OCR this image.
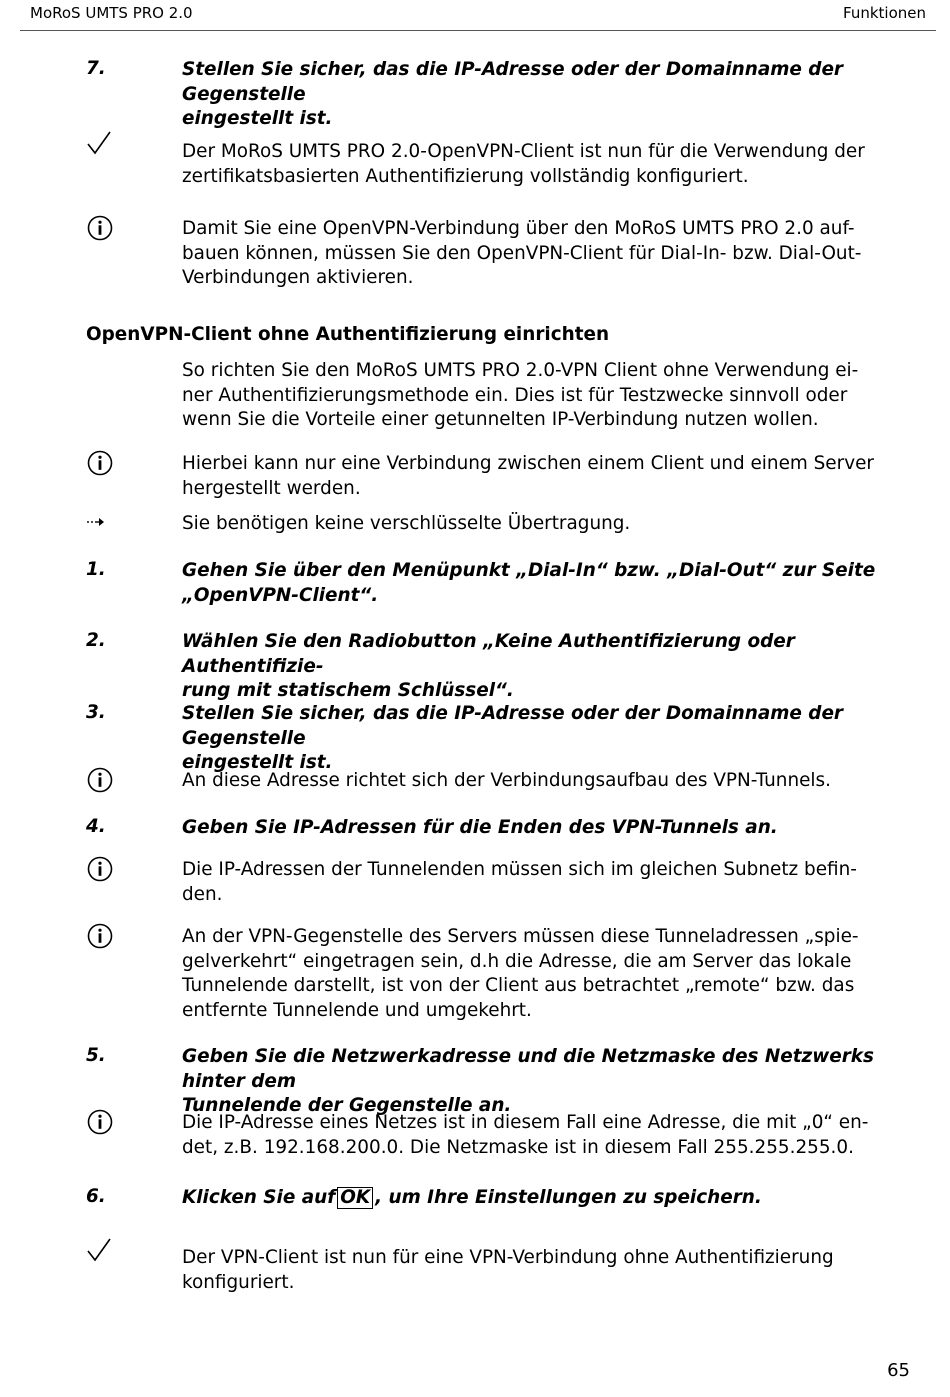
MoRoS UMTS PRO 2.0	Funktionen
7.	Stellen Sie sicher, das die IP-Adresse oder der Domainname der Gegenstelle
eingestellt ist.
Der MoRoS UMTS PRO 2.0-OpenVPN-Client ist nun für die Verwendung der
zertifikatsbasierten Authentifizierung vollständig konfiguriert.
Damit Sie eine OpenVPN-Verbindung über den MoRoS UMTS PRO 2.0 auf-
bauen können, müssen Sie den OpenVPN-Client für Dial-In- bzw. Dial-Out-
Verbindungen aktivieren.
OpenVPN-Client ohne Authentifizierung einrichten
So richten Sie den MoRoS UMTS PRO 2.0-VPN Client ohne Verwendung ei-
ner Authentifizierungsmethode ein. Dies ist für Testzwecke sinnvoll oder
wenn Sie die Vorteile einer getunnelten IP-Verbindung nutzen wollen.
Hierbei kann nur eine Verbindung zwischen einem Client und einem Server
hergestellt werden.
Sie benötigen keine verschlüsselte Übertragung.
1.	Gehen Sie über den Menüpunkt „Dial-In“ bzw. „Dial-Out“ zur Seite
„OpenVPN-Client“.
2.	Wählen Sie den Radiobutton „Keine Authentifizierung oder Authentifizie-
rung mit statischem Schlüssel“.
3.	Stellen Sie sicher, das die IP-Adresse oder der Domainname der Gegenstelle
eingestellt ist.
An diese Adresse richtet sich der Verbindungsaufbau des VPN-Tunnels.
4.	Geben Sie IP-Adressen für die Enden des VPN-Tunnels an.
Die IP-Adressen der Tunnelenden müssen sich im gleichen Subnetz befin-
den.
An der VPN-Gegenstelle des Servers müssen diese Tunneladressen „spie-
gelverkehrt“ eingetragen sein, d.h die Adresse, die am Server das lokale
Tunnelende darstellt, ist von der Client aus betrachtet „remote“ bzw. das
entfernte Tunnelende und umgekehrt.
5.	Geben Sie die Netzwerkadresse und die Netzmaske des Netzwerks hinter dem
Tunnelende der Gegenstelle an.
Die IP-Adresse eines Netzes ist in diesem Fall eine Adresse, die mit „0“ en-
det, z.B. 192.168.200.0. Die Netzmaske ist in diesem Fall 255.255.255.0.
6.	Klicken Sie auf OK , um Ihre Einstellungen zu speichern.
Der VPN-Client ist nun für eine VPN-Verbindung ohne Authentifizierung
konfiguriert.
65
